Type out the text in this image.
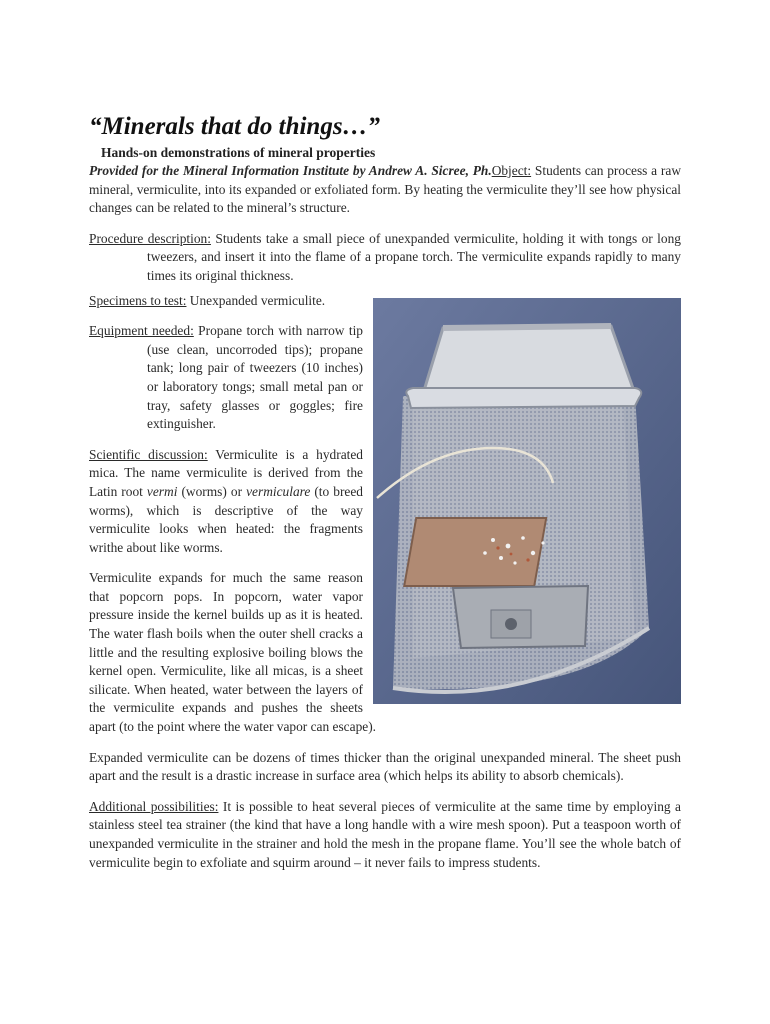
“Minerals that do things…”
Hands-on demonstrations of mineral properties

Provided for the Mineral Information Institute by Andrew A. Sicree, Ph.Object: Students can process a raw mineral, vermiculite, into its expanded or exfoliated form. By heating the vermiculite they’ll see how physical changes can be related to the mineral’s structure.

Procedure description: Students take a small piece of unexpanded vermiculite, holding it with tongs or long tweezers, and insert it into the flame of a propane torch. The vermiculite expands rapidly to many times its original thickness.

Specimens to test: Unexpanded vermiculite.

Equipment needed: Propane torch with narrow tip (use clean, uncorroded tips); propane tank; long pair of tweezers (10 inches) or laboratory tongs; small metal pan or tray, safety glasses or goggles; fire extinguisher.

Scientific discussion: Vermiculite is a hydrated mica. The name vermiculite is derived from the Latin root vermi (worms) or vermiculare (to breed worms), which is descriptive of the way vermiculite looks when heated: the fragments writhe about like worms.

Vermiculite expands for much the same reason that popcorn pops. In popcorn, water vapor pressure inside the kernel builds up as it is heated. The water flash boils when the outer shell cracks a little and the resulting explosive boiling blows the kernel open. Vermiculite, like all micas, is a sheet silicate. When heated, water between the layers of the vermiculite expands and pushes the sheets apart (to the point where the water vapor can escape).

Expanded vermiculite can be dozens of times thicker than the original unexpanded mineral. The sheet push apart and the result is a drastic increase in surface area (which helps its ability to absorb chemicals).

Additional possibilities: It is possible to heat several pieces of vermiculite at the same time by employing a stainless steel tea strainer (the kind that have a long handle with a wire mesh spoon). Put a teaspoon worth of unexpanded vermiculite in the strainer and hold the mesh in the propane flame. You’ll see the whole batch of vermiculite begin to exfoliate and squirm around – it never fails to impress students.
